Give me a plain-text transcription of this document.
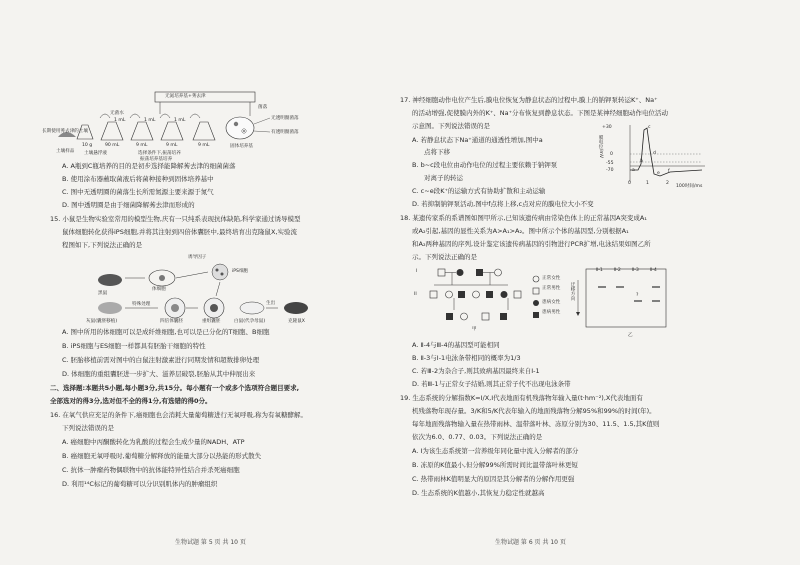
无氮培养基+莠去津
菌落
无透明圈菌落
有透明圈菌落
无菌水
1 mL	1 mL	1 mL
10 g	90 mL	9 mL	9 mL	9 mL
长期使用莠去津的土壤
土壤样品 土壤悬浮液	选择条件下,振荡培养
固体培养基
振荡培养基培养
A. A瓶到C瓶培养的目的是初步选择能降解莠去津的细菌菌落
B. 使用涂布器蘸取菌液后将菌种接种到固体培养基中
C. 图中无透明圈的菌落生长所需氮源主要来源于氮气
D. 图中透明圈是由于细菌降解莠去津而形成的
15. 小鼠是生物实验室常用的模型生物,庆有一只纯系表现抗体缺陷,科学家通过诱导模型
鼠体细胞转化获得iPS细胞,并将其注射到四倍体囊胚中,最终培育出克隆鼠X,实验流
程图如下,下列说法正确的是
诱导因子
iPS细胞
黑鼠
体细胞
灰鼠(囊胚移植)
特殊处理
四倍体囊胚	重组囊胚	白鼠(代孕母鼠)	克隆鼠X
生出
A. 图中所用的体细胞可以是成纤维细胞,也可以是已分化的T细胞、B细胞
B. iPS细胞与ES细胞一样都具有胚胎干细胞的特性
C. 胚胎移植前需对图中的白鼠注射激素进行同期发情和超数排卵处理
D. 体细胞的重组囊胚进一步扩大、滋养层破裂,胚胎从其中伸展出来
二、选择题:本题共5小题,每小题3分,共15分。每小题有一个或多个选项符合题目要求,
全部选对的得3分,选对但不全的得1分,有选错的得0分。
16. 在氧气供应充足的条件下,癌细胞也会消耗大量葡萄糖进行无氧呼吸,称为有氧糖酵解。
下列说法错误的是
A. 癌细胞中丙酮酸转化为乳酸的过程会生成少量的NADH、ATP
B. 癌细胞无氧呼吸时,葡萄糖分解释放的能量大部分以热能的形式散失
C. 抗体一肿瘤药物偶联物中的抗体能特异性结合并杀死癌细胞
D. 利用¹⁴C标记的葡萄糖可以分识别肌体内的肿瘤组织
生物试题 第 5 页 共 10 页
17. 神经细胞动作电位产生后,膜电位恢复为静息状态的过程中,膜上的钠钾泵转运K⁺、Na⁺
的活动增强,促使膜内外的K⁺、Na⁺分布恢复到静息状态。下图是某神经细胞动作电位活动
示意图。下列说法错误的是
A. 若静息状态下Na⁺通道的通透性增加,图中a
点将下移
B. b~c段电位由动作电位的过程主要依赖于钠钾泵
对离子的转运
C. c~e段K⁺的运输方式有协助扩散和主动运输
D. 若抑制钠钾泵活动,图中f点将上移,c点对应的膜电位大小不变
+30
0
-55
-70
0	1	2
100时间/ms
膜电位/mV
a
b
c
d
e f
18. 某遗传家系的系谱图如图甲所示,已知该遗传病由常染色体上的正常基因A突变成A₁
或A₂引起,基因的显性关系为A>A₁>A₂。图中所示个体的基因型,分别根据A₁
和A₂两种基因的序列,设计鉴定该遗传病基因的引物进行PCR扩增,电泳结果如图乙所
示。下列说法正确的是
I
II
正常女性
正常男性
患病女性
患病男性
甲
乙
Ⅱ-1 Ⅱ-2 Ⅱ-3 Ⅱ-4
迁移方向	?
A. Ⅱ-4与Ⅲ-4的基因型可能相同
B. Ⅱ-3与Ⅰ-1电泳条带相同的概率为1/3
C. 若Ⅲ-2为杂合子,则其致病基因最终来自Ⅰ-1
D. 若Ⅲ-1与正常女子结婚,则其正常子代不出现电泳条带
19. 生态系统的分解指数K=I/X,I代表地面有机残落物年输入量(t·hm⁻²),X代表地面有
机残落物年现存量。3/K和5/K代表年输入的地面残落物分解95%和99%的时间(年)。
每年地面残落物输入量在热带雨林、温带落叶林、冻原分别为30、11.5、1.5,其K值则
依次为6.0、0.77、0.03。下列说法正确的是
A. I为该生态系统第一营养级年同化量中流入分解者的部分
B. 冻原的K值最小,但分解99%所需时间比温带落叶林更短
C. 热带雨林K值明显大的原因是其分解者的分解作用更强
D. 生态系统的K值越小,其恢复力稳定性就越高
生物试题 第 6 页 共 10 页
